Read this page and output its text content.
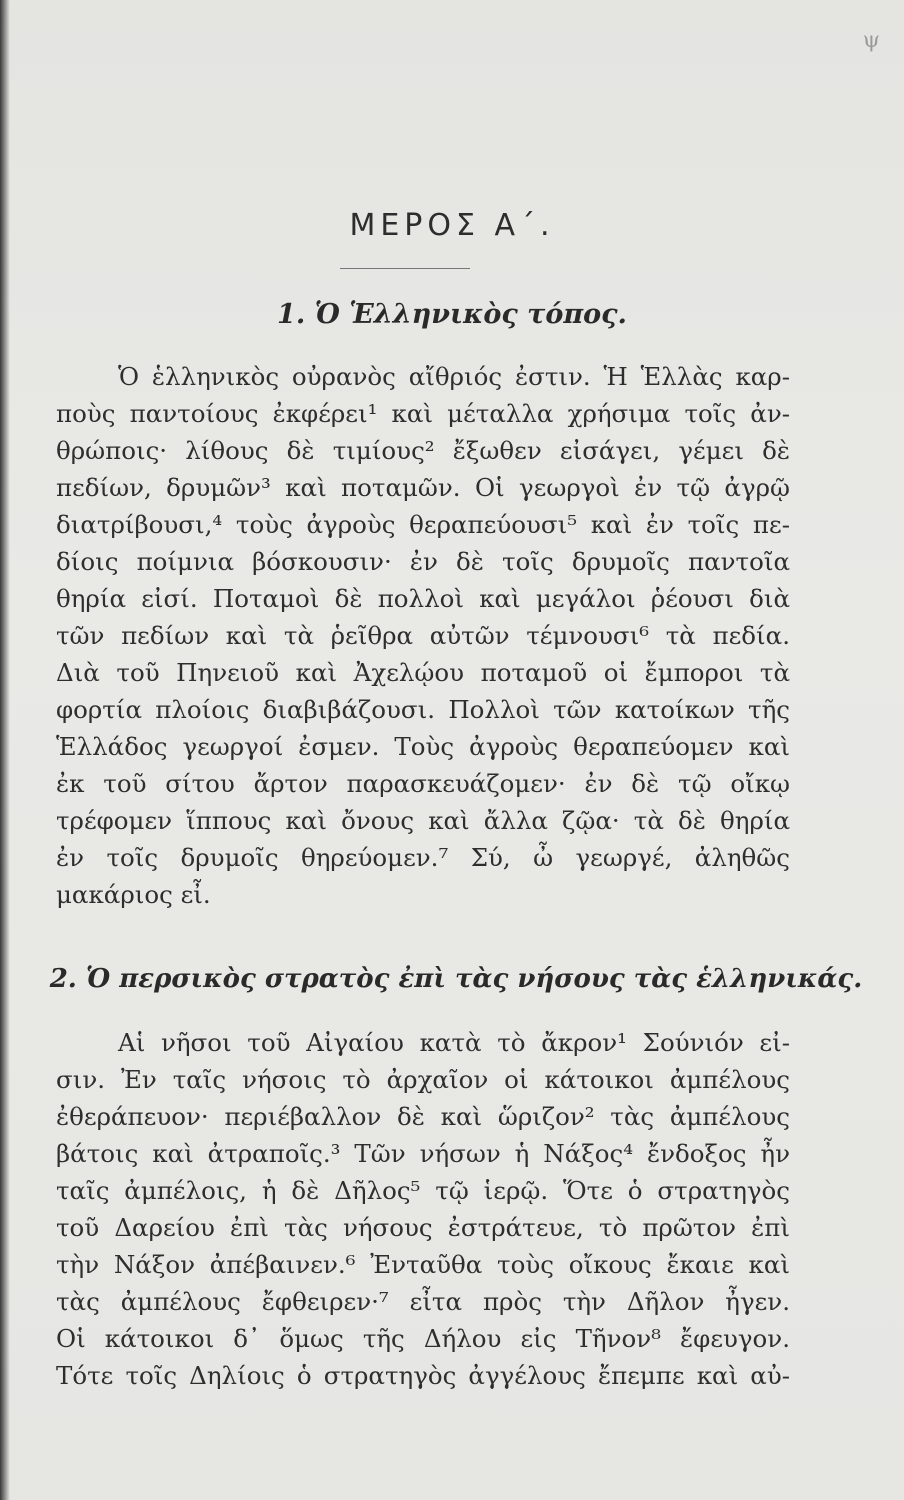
ψ
ΜΕΡΟΣ Α΄.
1. Ὁ Ἑλληνικὸς τόπος.
Ὁ ἑλληνικὸς οὐρανὸς αἴθριός ἐστιν. Ἡ Ἑλλὰς καρ-
ποὺς παντοίους ἐκφέρει¹ καὶ μέταλλα χρήσιμα τοῖς ἀν-
θρώποις· λίθους δὲ τιμίους² ἔξωθεν εἰσάγει, γέμει δὲ
πεδίων, δρυμῶν³ καὶ ποταμῶν. Οἱ γεωργοὶ ἐν τῷ ἀγρῷ
διατρίβουσι,⁴ τοὺς ἀγροὺς θεραπεύουσι⁵ καὶ ἐν τοῖς πε-
δίοις ποίμνια βόσκουσιν· ἐν δὲ τοῖς δρυμοῖς παντοῖα
θηρία εἰσί. Ποταμοὶ δὲ πολλοὶ καὶ μεγάλοι ῥέουσι διὰ
τῶν πεδίων καὶ τὰ ῥεῖθρα αὐτῶν τέμνουσι⁶ τὰ πεδία.
Διὰ τοῦ Πηνειοῦ καὶ Ἀχελῴου ποταμοῦ οἱ ἔμποροι τὰ
φορτία πλοίοις διαβιβάζουσι. Πολλοὶ τῶν κατοίκων τῆς
Ἑλλάδος γεωργοί ἐσμεν. Τοὺς ἀγροὺς θεραπεύομεν καὶ
ἐκ τοῦ σίτου ἄρτον παρασκευάζομεν· ἐν δὲ τῷ οἴκῳ
τρέφομεν ἵππους καὶ ὄνους καὶ ἄλλα ζῷα· τὰ δὲ θηρία
ἐν τοῖς δρυμοῖς θηρεύομεν.⁷ Σύ, ὦ γεωργέ, ἀληθῶς
μακάριος εἶ.
2. Ὁ περσικὸς στρατὸς ἐπὶ τὰς νήσους τὰς ἑλληνικάς.
Αἱ νῆσοι τοῦ Αἰγαίου κατὰ τὸ ἄκρον¹ Σούνιόν εἰ-
σιν. Ἐν ταῖς νήσοις τὸ ἀρχαῖον οἱ κάτοικοι ἀμπέλους
ἐθεράπευον· περιέβαλλον δὲ καὶ ὥριζον² τὰς ἀμπέλους
βάτοις καὶ ἀτραποῖς.³ Τῶν νήσων ἡ Νάξος⁴ ἔνδοξος ἦν
ταῖς ἀμπέλοις, ἡ δὲ Δῆλος⁵ τῷ ἱερῷ. Ὅτε ὁ στρατηγὸς
τοῦ Δαρείου ἐπὶ τὰς νήσους ἐστράτευε, τὸ πρῶτον ἐπὶ
τὴν Νάξον ἀπέβαινεν.⁶ Ἐνταῦθα τοὺς οἴκους ἔκαιε καὶ
τὰς ἀμπέλους ἔφθειρεν·⁷ εἶτα πρὸς τὴν Δῆλον ἦγεν.
Οἱ κάτοικοι δ᾽ ὅμως τῆς Δήλου εἰς Τῆνον⁸ ἔφευγον.
Τότε τοῖς Δηλίοις ὁ στρατηγὸς ἀγγέλους ἔπεμπε καὶ αὐ-
